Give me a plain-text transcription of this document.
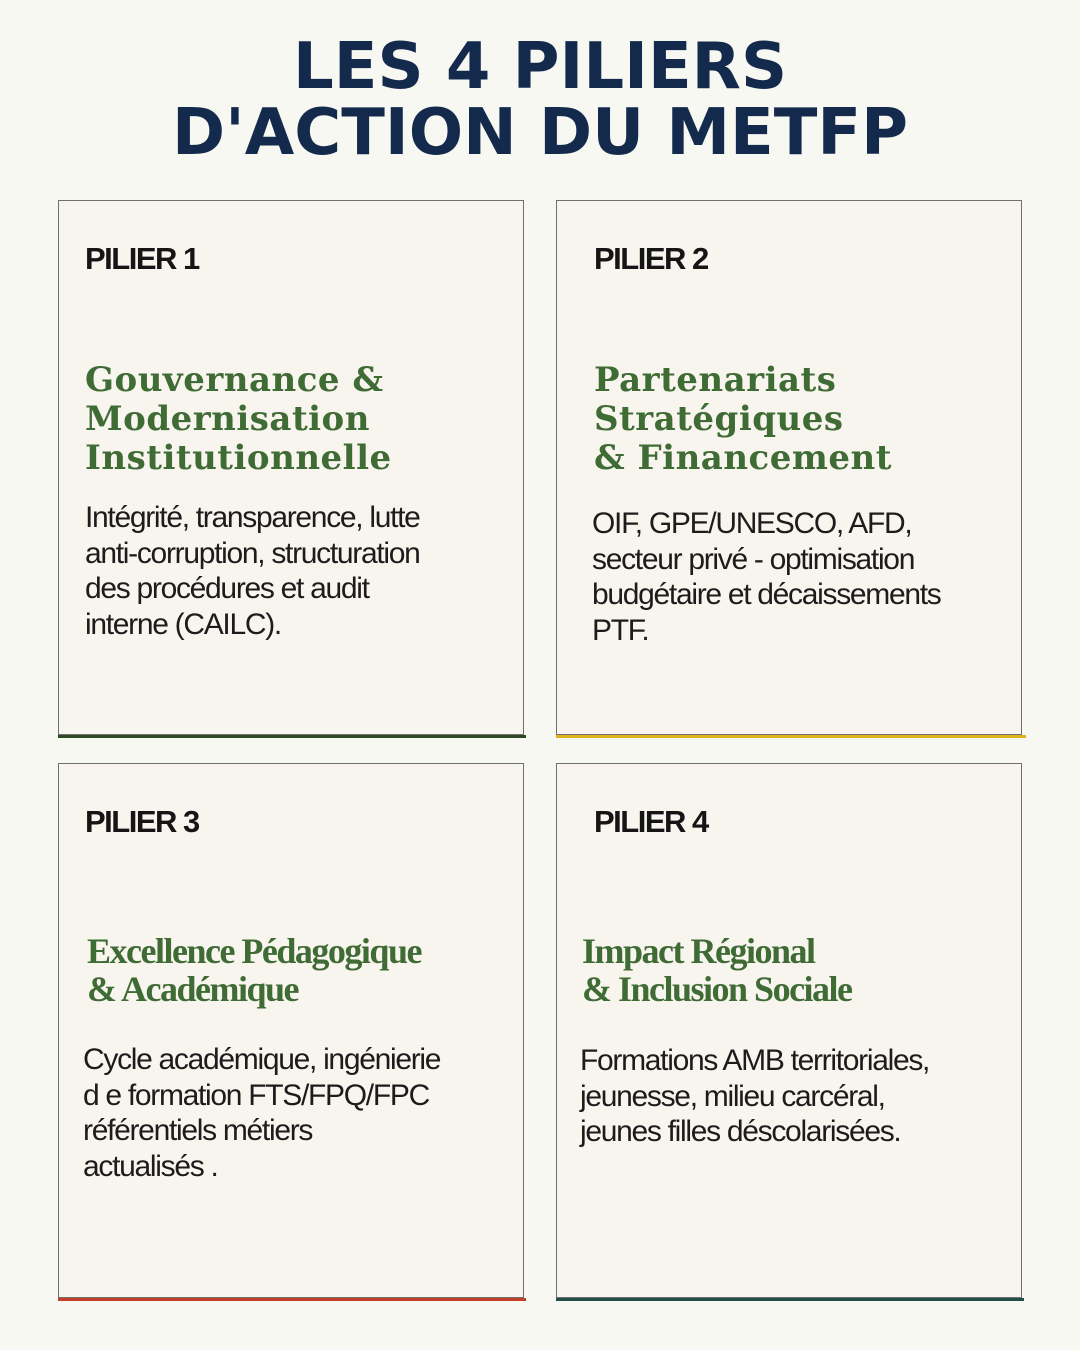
LES 4 PILIERS
D'ACTION DU METFP

PILIER 1

Gouvernance &
Modernisation
Institutionnelle

Intégrité, transparence, lutte
anti-corruption, structuration
des procédures et audit
interne (CAILC).

PILIER 2

Partenariats
Stratégiques
& Financement

OIF, GPE/UNESCO, AFD,
secteur privé - optimisation
budgétaire et décaissements
PTF.

PILIER 3

Excellence Pédagogique
& Académique

Cycle académique, ingénierie
d e formation FTS/FPQ/FPC
référentiels métiers
actualisés .

PILIER 4

Impact Régional
& Inclusion Sociale

Formations AMB territoriales,
jeunesse, milieu carcéral,
jeunes filles déscolarisées.
